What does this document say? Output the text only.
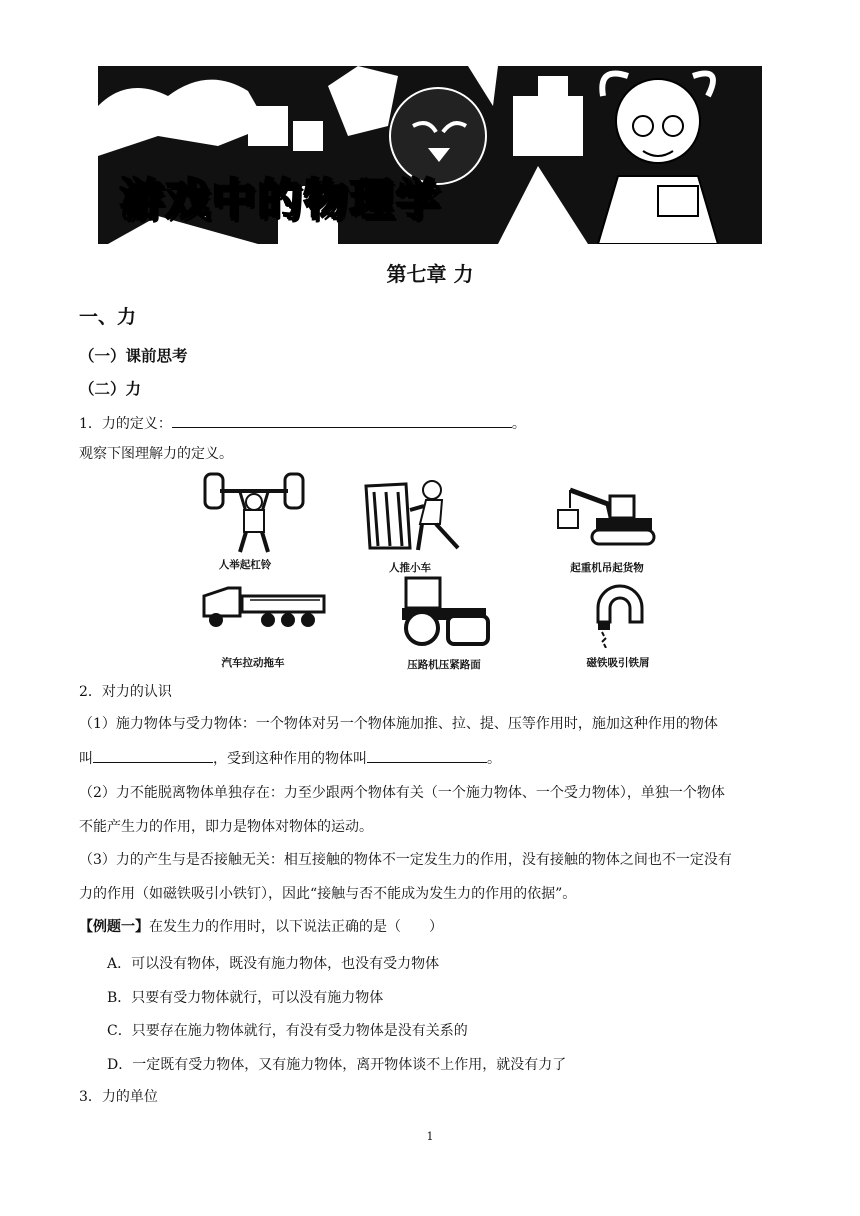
游戏中的物理学
第七章 力
一、力
（一）课前思考
（二）力
1．力的定义：	。
观察下图理解力的定义。
人举起杠铃	人推小车	起重机吊起货物
汽车拉动拖车	压路机压紧路面	磁铁吸引铁屑
2．对力的认识
（1）施力物体与受力物体：一个物体对另一个物体施加推、拉、提、压等作用时，施加这种作用的物体
叫	，受到这种作用的物体叫	。
（2）力不能脱离物体单独存在：力至少跟两个物体有关（一个施力物体、一个受力物体），单独一个物体
不能产生力的作用，即力是物体对物体的运动。
（3）力的产生与是否接触无关：相互接触的物体不一定发生力的作用，没有接触的物体之间也不一定没有
力的作用（如磁铁吸引小铁钉），因此“接触与否不能成为发生力的作用的依据”。
【例题一】在发生力的作用时，以下说法正确的是（　　）
A．可以没有物体，既没有施力物体，也没有受力物体
B．只要有受力物体就行，可以没有施力物体
C．只要存在施力物体就行，有没有受力物体是没有关系的
D．一定既有受力物体，又有施力物体，离开物体谈不上作用，就没有力了
3．力的单位
1
